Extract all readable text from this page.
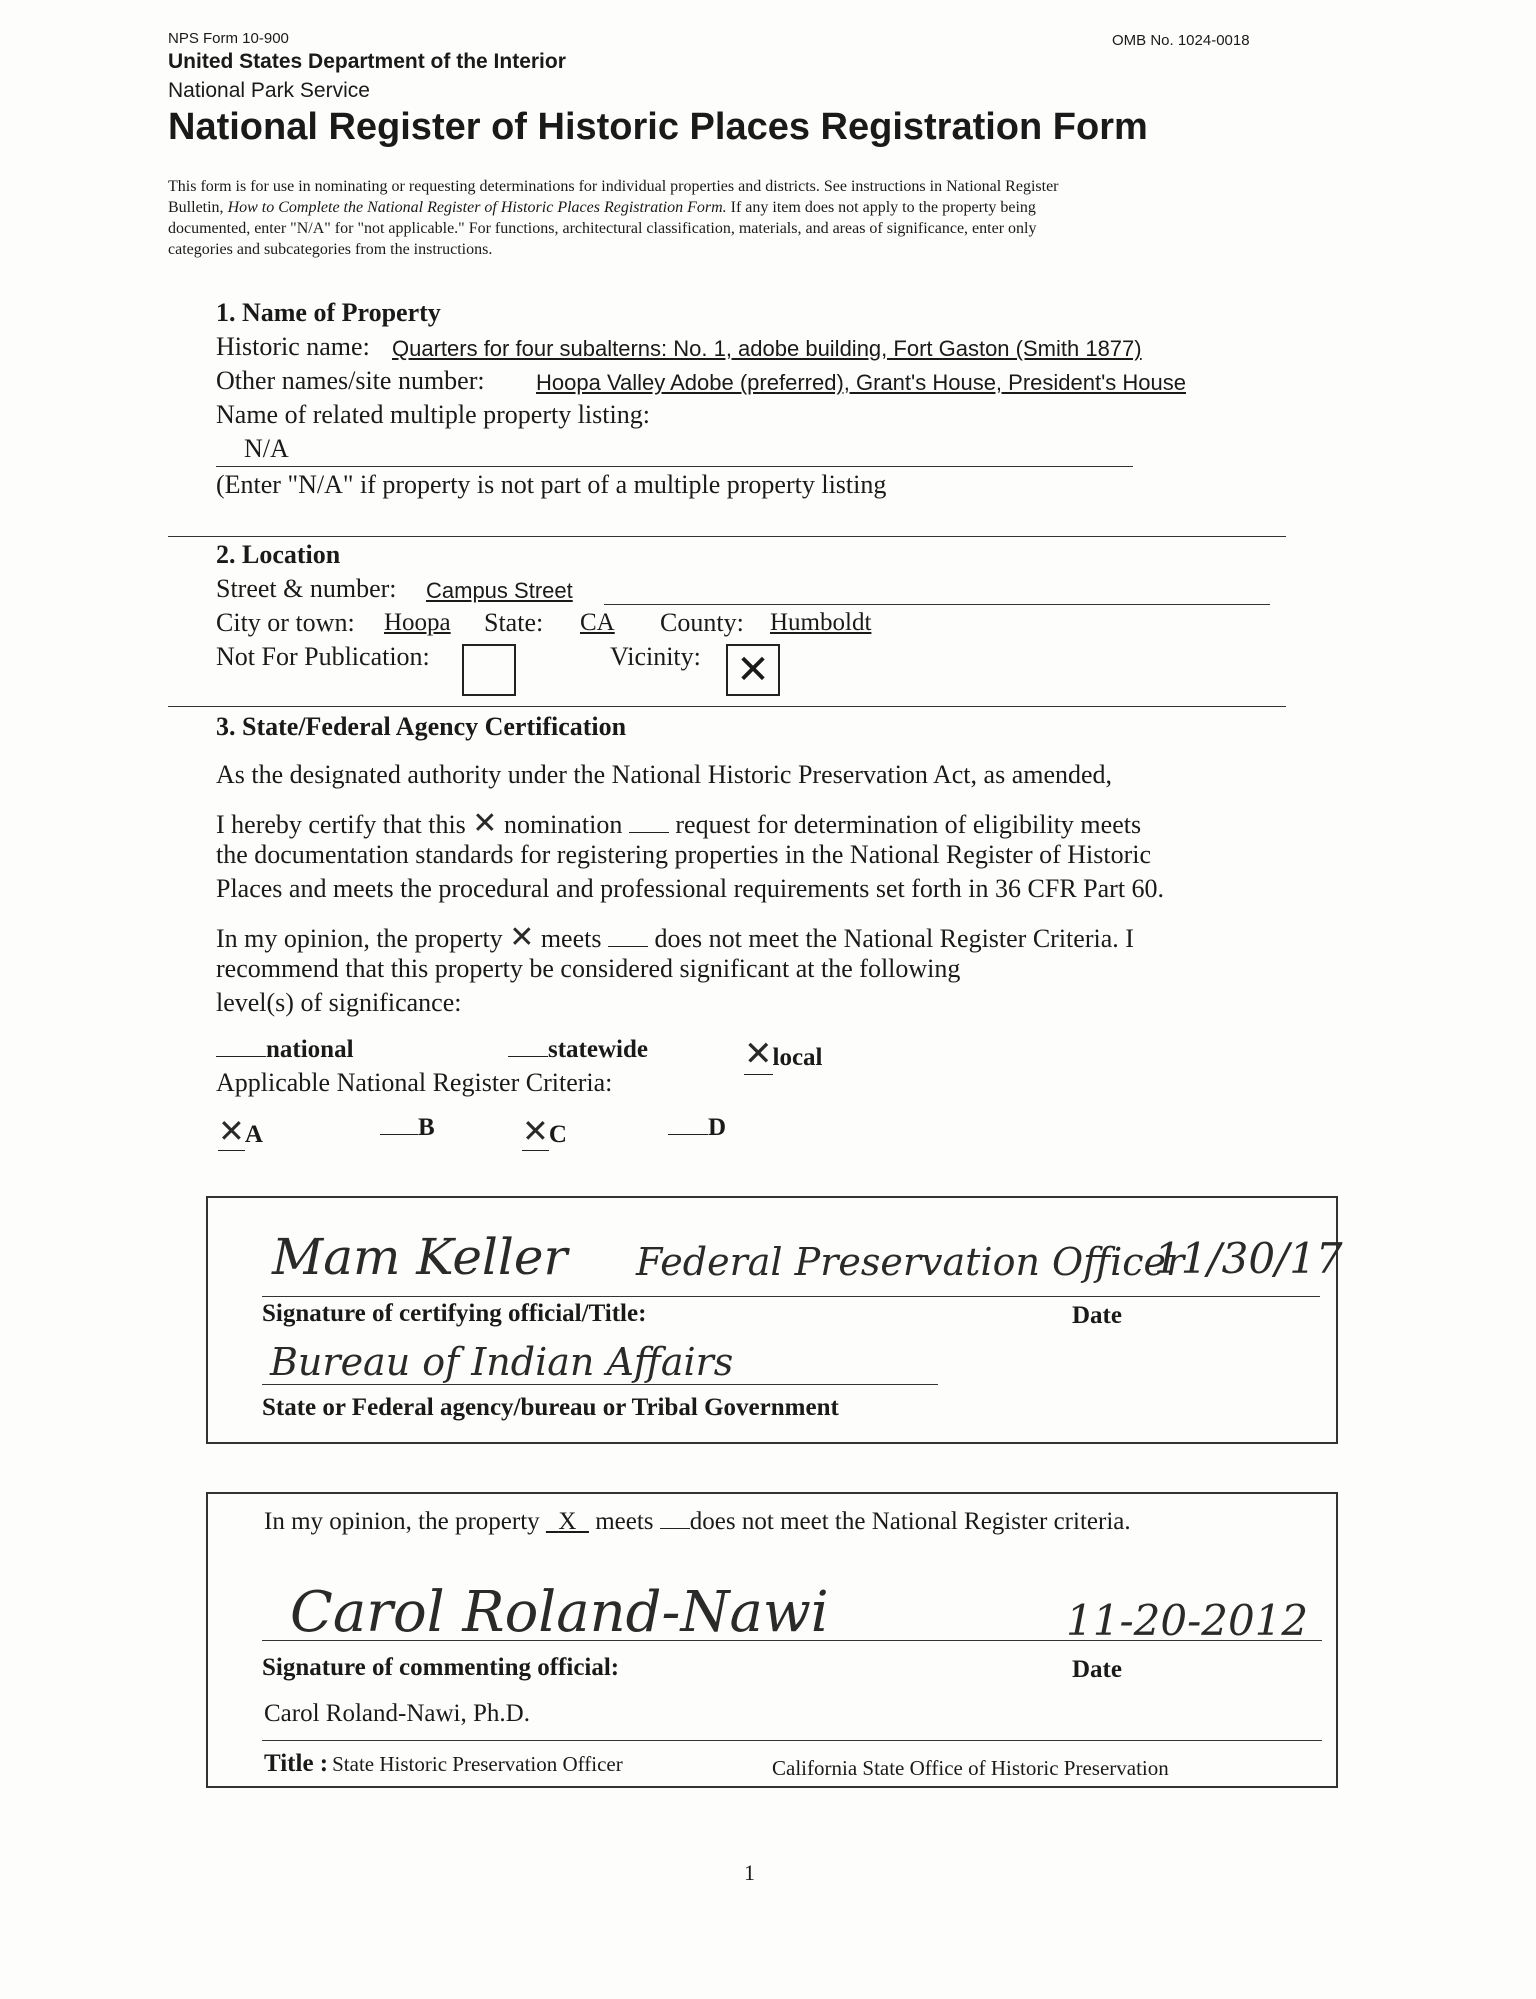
NPS Form 10-900	OMB No. 1024-0018
United States Department of the Interior
National Park Service
National Register of Historic Places Registration Form
This form is for use in nominating or requesting determinations for individual properties and districts. See instructions in National Register
Bulletin, How to Complete the National Register of Historic Places Registration Form. If any item does not apply to the property being
documented, enter "N/A" for "not applicable." For functions, architectural classification, materials, and areas of significance, enter only
categories and subcategories from the instructions.
1. Name of Property
Historic name: Quarters for four subalterns: No. 1, adobe building, Fort Gaston (Smith 1877)
Other names/site number: Hoopa Valley Adobe (preferred), Grant's House, President's House
Name of related multiple property listing:
N/A
(Enter "N/A" if property is not part of a multiple property listing
2. Location
Street & number: Campus Street
City or town: Hoopa State: CA County: Humboldt
Not For Publication:	Vicinity: ✕
3. State/Federal Agency Certification
As the designated authority under the National Historic Preservation Act, as amended,
I hereby certify that this ✕ nomination request for determination of eligibility meets
the documentation standards for registering properties in the National Register of Historic
Places and meets the procedural and professional requirements set forth in 36 CFR Part 60.
In my opinion, the property ✕ meets does not meet the National Register Criteria. I
recommend that this property be considered significant at the following
level(s) of significance:
national	statewide	✕local
Applicable National Register Criteria:
✕A	B	✕C	D
Mam Keller Federal Preservation Officer
11/30/17
Signature of certifying official/Title:	Date
Bureau of Indian Affairs
State or Federal agency/bureau or Tribal Government
In my opinion, the property X meets does not meet the National Register criteria.
Carol Roland-Nawi	11-20-2012
Signature of commenting official:	Date
Carol Roland-Nawi, Ph.D.
Title : State Historic Preservation Officer	California State Office of Historic Preservation
1
